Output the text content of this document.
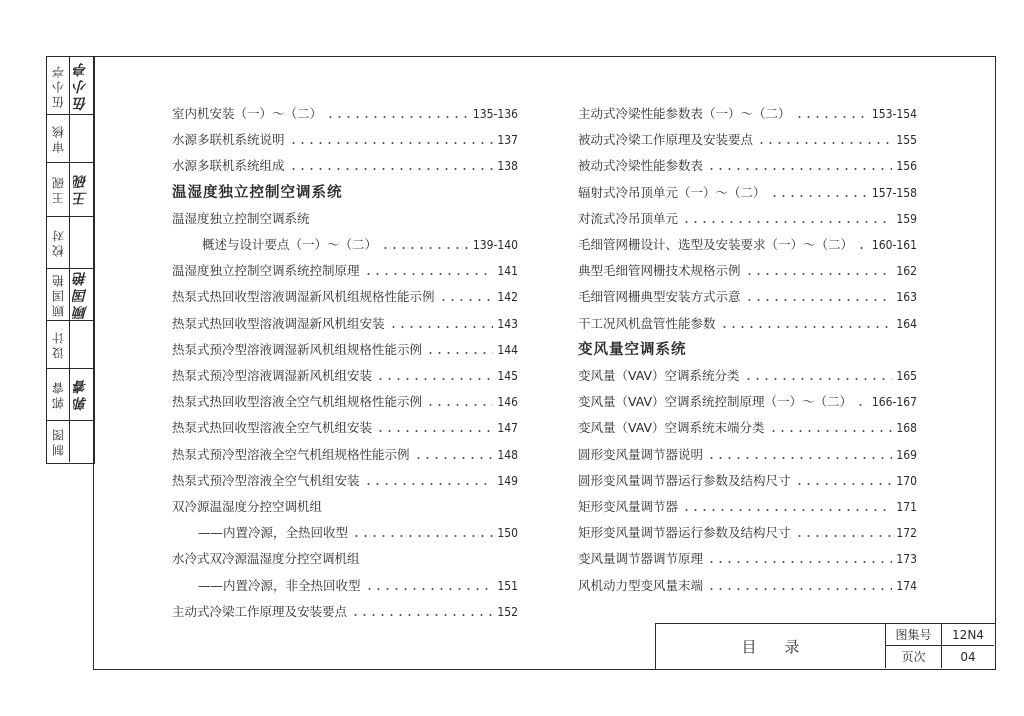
伍小亭 伍小亭
审核
王砚 王砚
校对
顾国艳 顾国艳
设计
郭睿 郭睿
制图
室内机安装（一）～（二）	135-136
水源多联机系统说明	137
水源多联机系统组成	138
温湿度独立控制空调系统
温湿度独立控制空调系统
概述与设计要点（一）～（二）	139-140
温湿度独立控制空调系统控制原理	141
热泵式热回收型溶液调湿新风机组规格性能示例	142
热泵式热回收型溶液调湿新风机组安装	143
热泵式预冷型溶液调湿新风机组规格性能示例	144
热泵式预冷型溶液调湿新风机组安装	145
热泵式热回收型溶液全空气机组规格性能示例	146
热泵式热回收型溶液全空气机组安装	147
热泵式预冷型溶液全空气机组规格性能示例	148
热泵式预冷型溶液全空气机组安装	149
双冷源温湿度分控空调机组
——内置冷源，全热回收型	150
水冷式双冷源温湿度分控空调机组
——内置冷源，非全热回收型	151
主动式冷梁工作原理及安装要点	152
主动式冷梁性能参数表（一）～（二）	153-154
被动式冷梁工作原理及安装要点	155
被动式冷梁性能参数表	156
辐射式冷吊顶单元（一）～（二）	157-158
对流式冷吊顶单元	159
毛细管网栅设计、选型及安装要求（一）～（二） 160-161
典型毛细管网栅技术规格示例	162
毛细管网栅典型安装方式示意	163
干工况风机盘管性能参数	164
变风量空调系统
变风量（VAV）空调系统分类	165
变风量（VAV）空调系统控制原理（一）～（二） 166-167
变风量（VAV）空调系统末端分类	168
圆形变风量调节器说明	169
圆形变风量调节器运行参数及结构尺寸	170
矩形变风量调节器	171
矩形变风量调节器运行参数及结构尺寸	172
变风量调节器调节原理	173
风机动力型变风量末端	174
目录
图集号	12N4
页次	04
